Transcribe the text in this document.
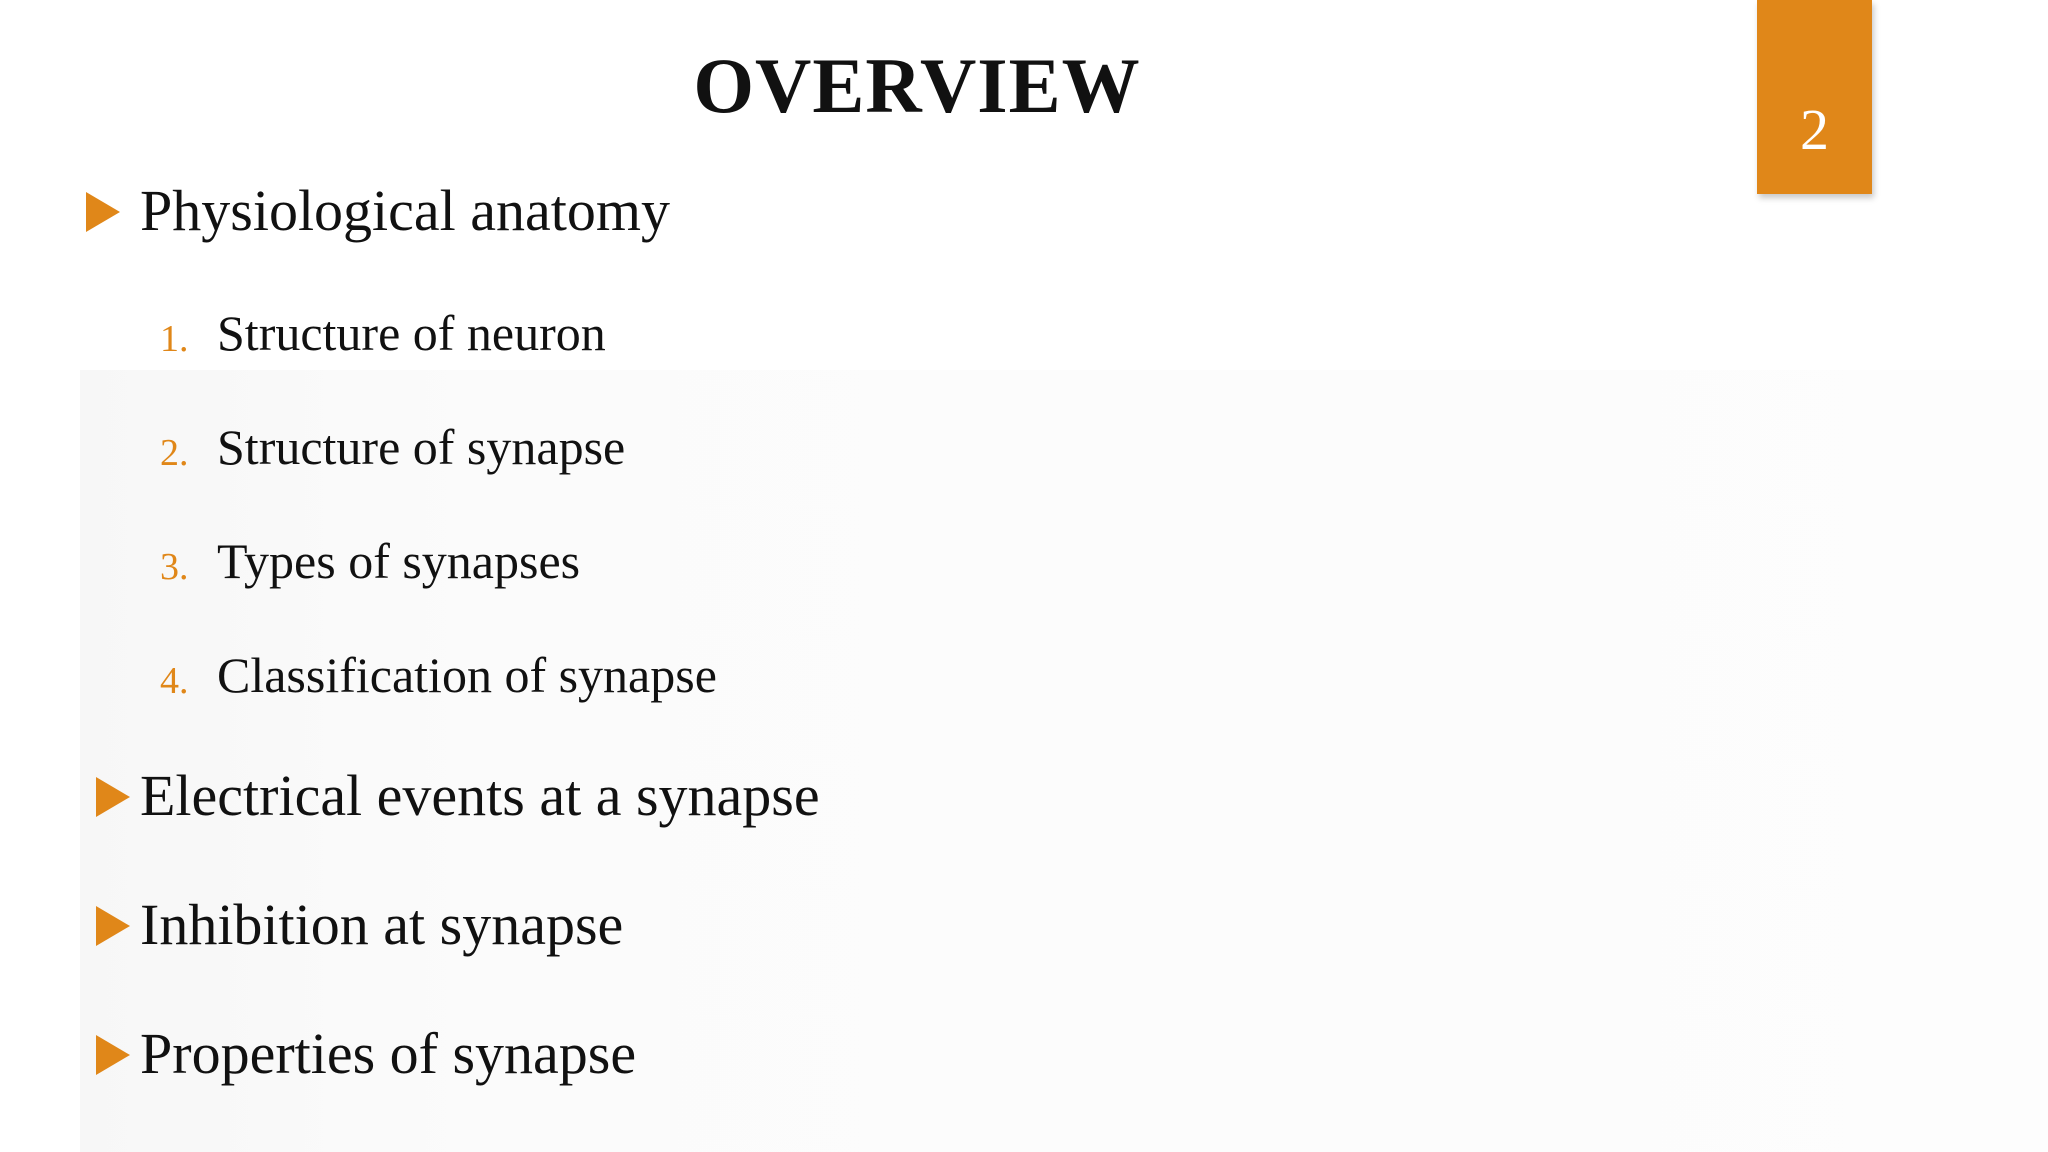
OVERVIEW
2
Physiological anatomy
1. Structure of neuron
2. Structure of synapse
3. Types of synapses
4. Classification of synapse
Electrical events at a synapse
Inhibition at synapse
Properties of synapse
